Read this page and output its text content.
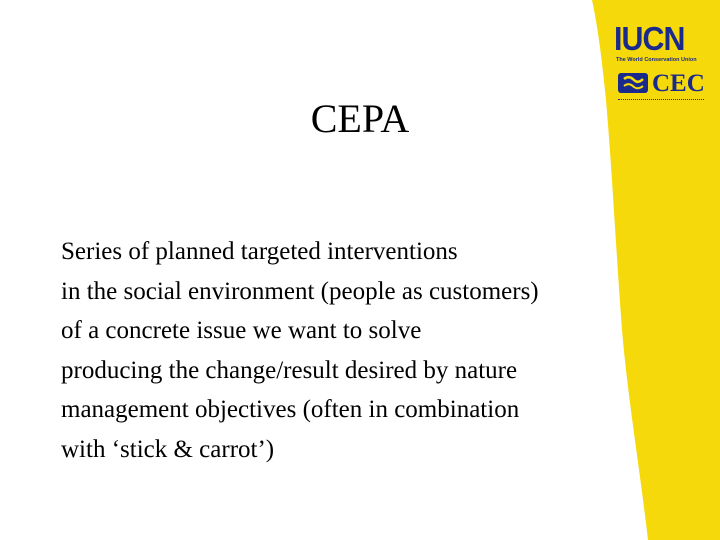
IUCN
The World Conservation Union
CEC
CEPA
Series of planned targeted interventions
in the social environment (people as customers)
of a concrete issue we want to solve
producing the change/result desired by nature
management objectives (often in combination
with ‘stick & carrot’)
